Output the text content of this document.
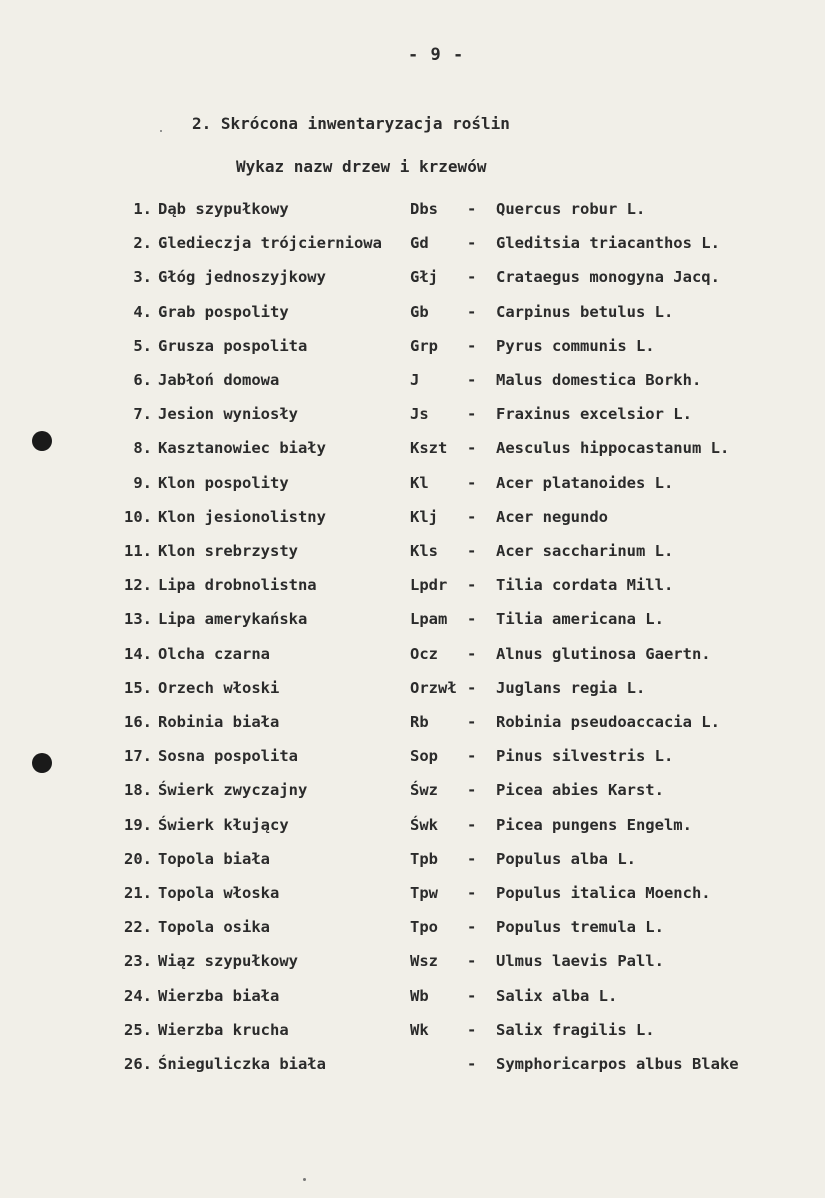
- 9 -
2. Skrócona inwentaryzacja roślin
Wykaz nazw drzew i krzewów
1. Dąb szypułkowy	Dbs - Quercus robur L.
2. Gledieczja trójcierniowa Gd - Gleditsia triacanthos L.
3. Głóg jednoszyjkowy	Głj - Crataegus monogyna Jacq.
4. Grab pospolity	Gb - Carpinus betulus L.
5. Grusza pospolita	Grp - Pyrus communis L.
6. Jabłoń domowa	J	- Malus domestica Borkh.
7. Jesion wyniosły	Js - Fraxinus excelsior L.
8. Kasztanowiec biały	Kszt - Aesculus hippocastanum L.
9. Klon pospolity	Kl - Acer platanoides L.
10. Klon jesionolistny	Klj - Acer negundo
11. Klon srebrzysty	Kls - Acer saccharinum L.
12. Lipa drobnolistna	Lpdr - Tilia cordata Mill.
13. Lipa amerykańska	Lpam - Tilia americana L.
14. Olcha czarna	Ocz - Alnus glutinosa Gaertn.
15. Orzech włoski	Orzwł - Juglans regia L.
16. Robinia biała	Rb - Robinia pseudoaccacia L.
17. Sosna pospolita	Sop - Pinus silvestris L.
18. Świerk zwyczajny	Śwz - Picea abies Karst.
19. Świerk kłujący	Śwk - Picea pungens Engelm.
20. Topola biała	Tpb - Populus alba L.
21. Topola włoska	Tpw - Populus italica Moench.
22. Topola osika	Tpo - Populus tremula L.
23. Wiąz szypułkowy	Wsz - Ulmus laevis Pall.
24. Wierzba biała	Wb - Salix alba L.
25. Wierzba krucha	Wk - Salix fragilis L.
26. Śnieguliczka biała	- Symphoricarpos albus Blake
